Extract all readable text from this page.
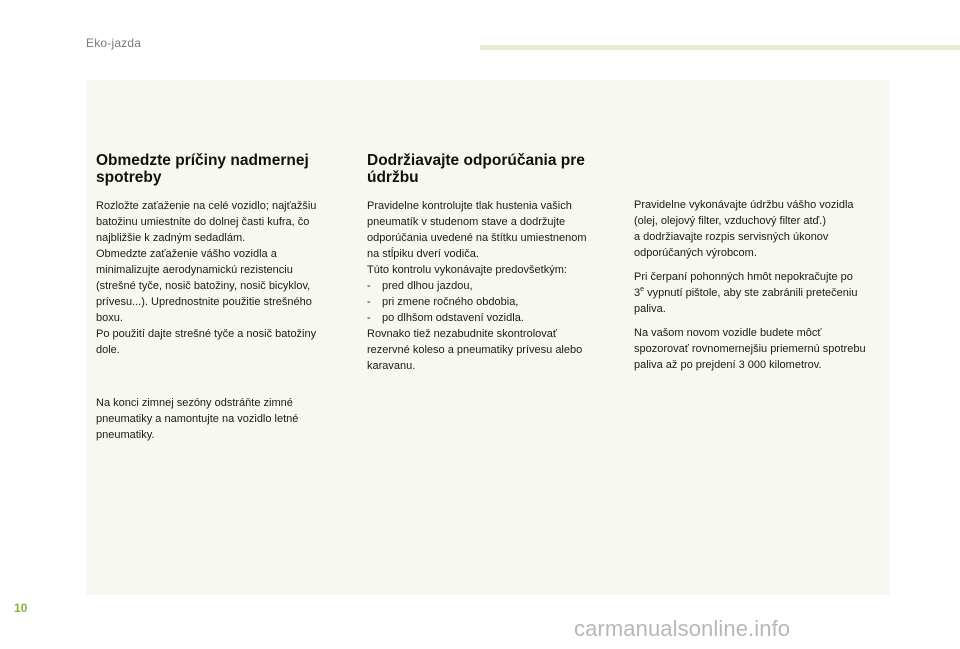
Eko-jazda
Obmedzte príčiny nadmernej
spotreby

Rozložte zaťaženie na celé vozidlo; najťažšiu
batožinu umiestnite do dolnej časti kufra, čo
najbližšie k zadným sedadlám.
Obmedzte zaťaženie vášho vozidla a
minimalizujte aerodynamickú rezistenciu
(strešné tyče, nosič batožiny, nosič bicyklov,
prívesu...). Uprednostnite použitie strešného
boxu.
Po použití dajte strešné tyče a nosič batožiny
dole.

Na konci zimnej sezóny odstráňte zimné
pneumatiky a namontujte na vozidlo letné
pneumatiky.

Dodržiavajte odporúčania pre
údržbu

Pravidelne kontrolujte tlak hustenia vašich
pneumatík v studenom stave a dodržujte
odporúčania uvedené na štítku umiestnenom
na stĺpiku dverí vodiča.
Túto kontrolu vykonávajte predovšetkým:
- pred dlhou jazdou,
- pri zmene ročného obdobia,
- po dlhšom odstavení vozidla.
Rovnako tiež nezabudnite skontrolovať
rezervné koleso a pneumatiky prívesu alebo
karavanu.

Pravidelne vykonávajte údržbu vášho vozidla
(olej, olejový filter, vzduchový filter atď.)
a dodržiavajte rozpis servisných úkonov
odporúčaných výrobcom.

Pri čerpaní pohonných hmôt nepokračujte po
3e vypnutí pištole, aby ste zabránili pretečeniu
paliva.

Na vašom novom vozidle budete môcť
spozorovať rovnomernejšiu priemernú spotrebu
paliva až po prejdení 3 000 kilometrov.

10
carmanualsonline.info
